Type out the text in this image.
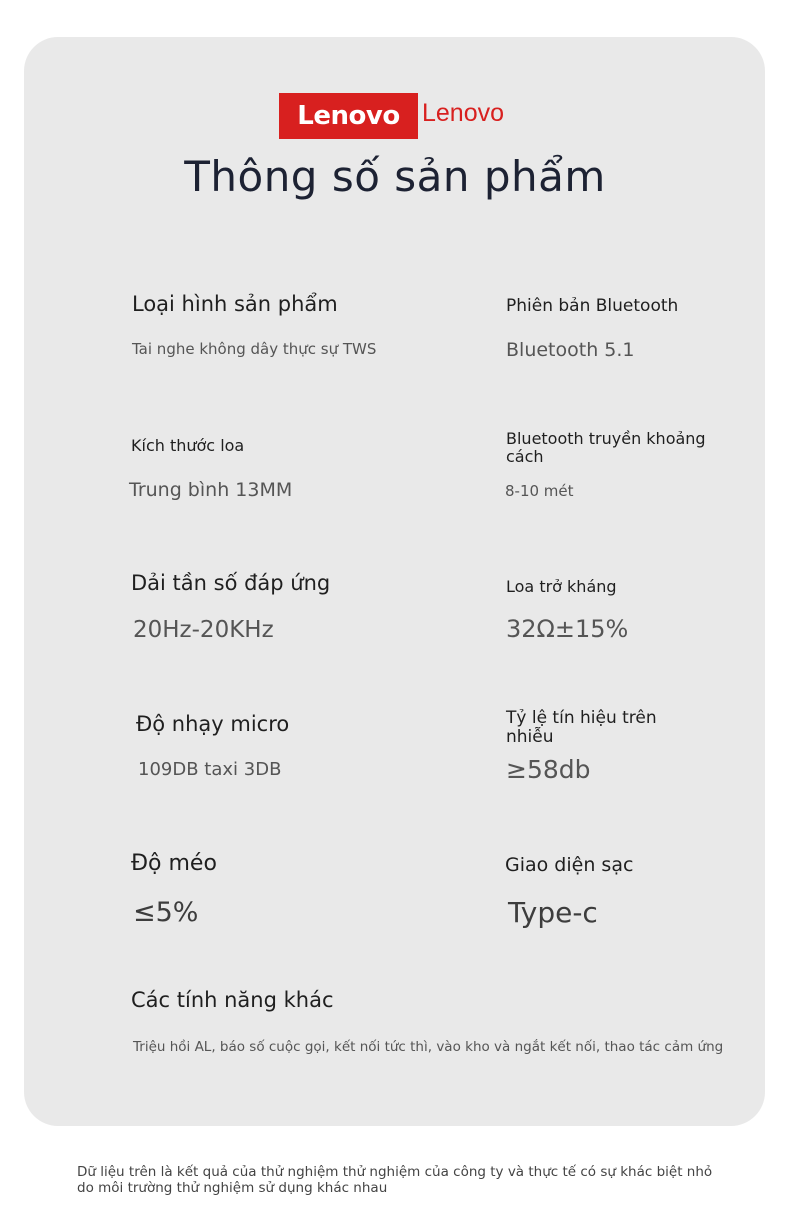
Lenovo Lenovo
Thông số sản phẩm
Loại hình sản phẩm
Tai nghe không dây thực sự TWS
Phiên bản Bluetooth
Bluetooth 5.1
Kích thước loa
Trung bình 13MM
Bluetooth truyền khoảng cách
8-10 mét
Dải tần số đáp ứng
20Hz-20KHz
Loa trở kháng
32Ω±15%
Độ nhạy micro
109DB taxi 3DB
Tỷ lệ tín hiệu trên nhiễu
≥58db
Độ méo
≤5%
Giao diện sạc
Type-c
Các tính năng khác
Triệu hồi AL, báo số cuộc gọi, kết nối tức thì, vào kho và ngắt kết nối, thao tác cảm ứng
Dữ liệu trên là kết quả của thử nghiệm thử nghiệm của công ty và thực tế có sự khác biệt nhỏ do môi trường thử nghiệm sử dụng khác nhau
